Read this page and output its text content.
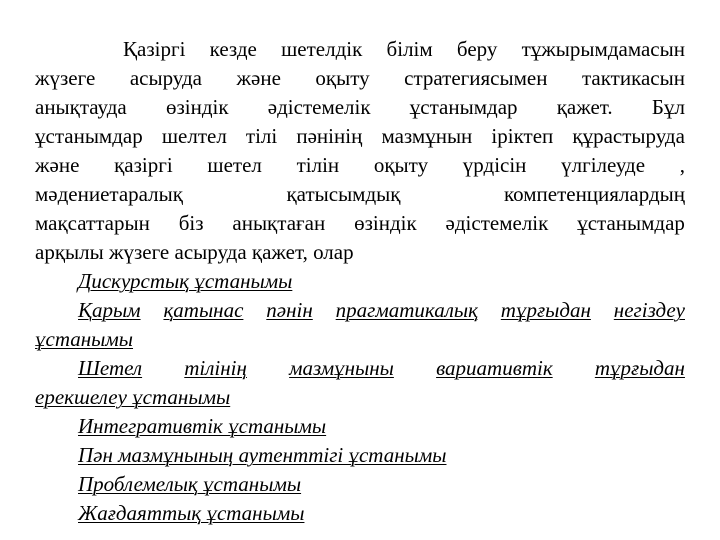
Қазіргі кезде шетелдік білім беру тұжырымдамасын
жүзеге асыруда және оқыту стратегиясымен тактикасын
анықтауда өзіндік әдістемелік ұстанымдар қажет. Бұл
ұстанымдар шелтел тілі пәнінің мазмұнын іріктеп құрастыруда
және қазіргі шетел тілін оқыту үрдісін үлгілеуде ,
мәдениетаралық	қатысымдық	компетенциялардың
мақсаттарын біз анықтаған өзіндік әдістемелік ұстанымдар
арқылы жүзеге асыруда қажет, олар
Дискурстық ұстанымы
Қарым қатынас пәнін прагматикалық тұрғыдан негіздеу
ұстанымы
Шетел тілінің мазмұныны вариативтік тұрғыдан
ерекшелеу ұстанымы
Интегративтік ұстанымы
Пән мазмұнының аутенттігі ұстанымы
Проблемелық ұстанымы
Жағдаяттық ұстанымы
